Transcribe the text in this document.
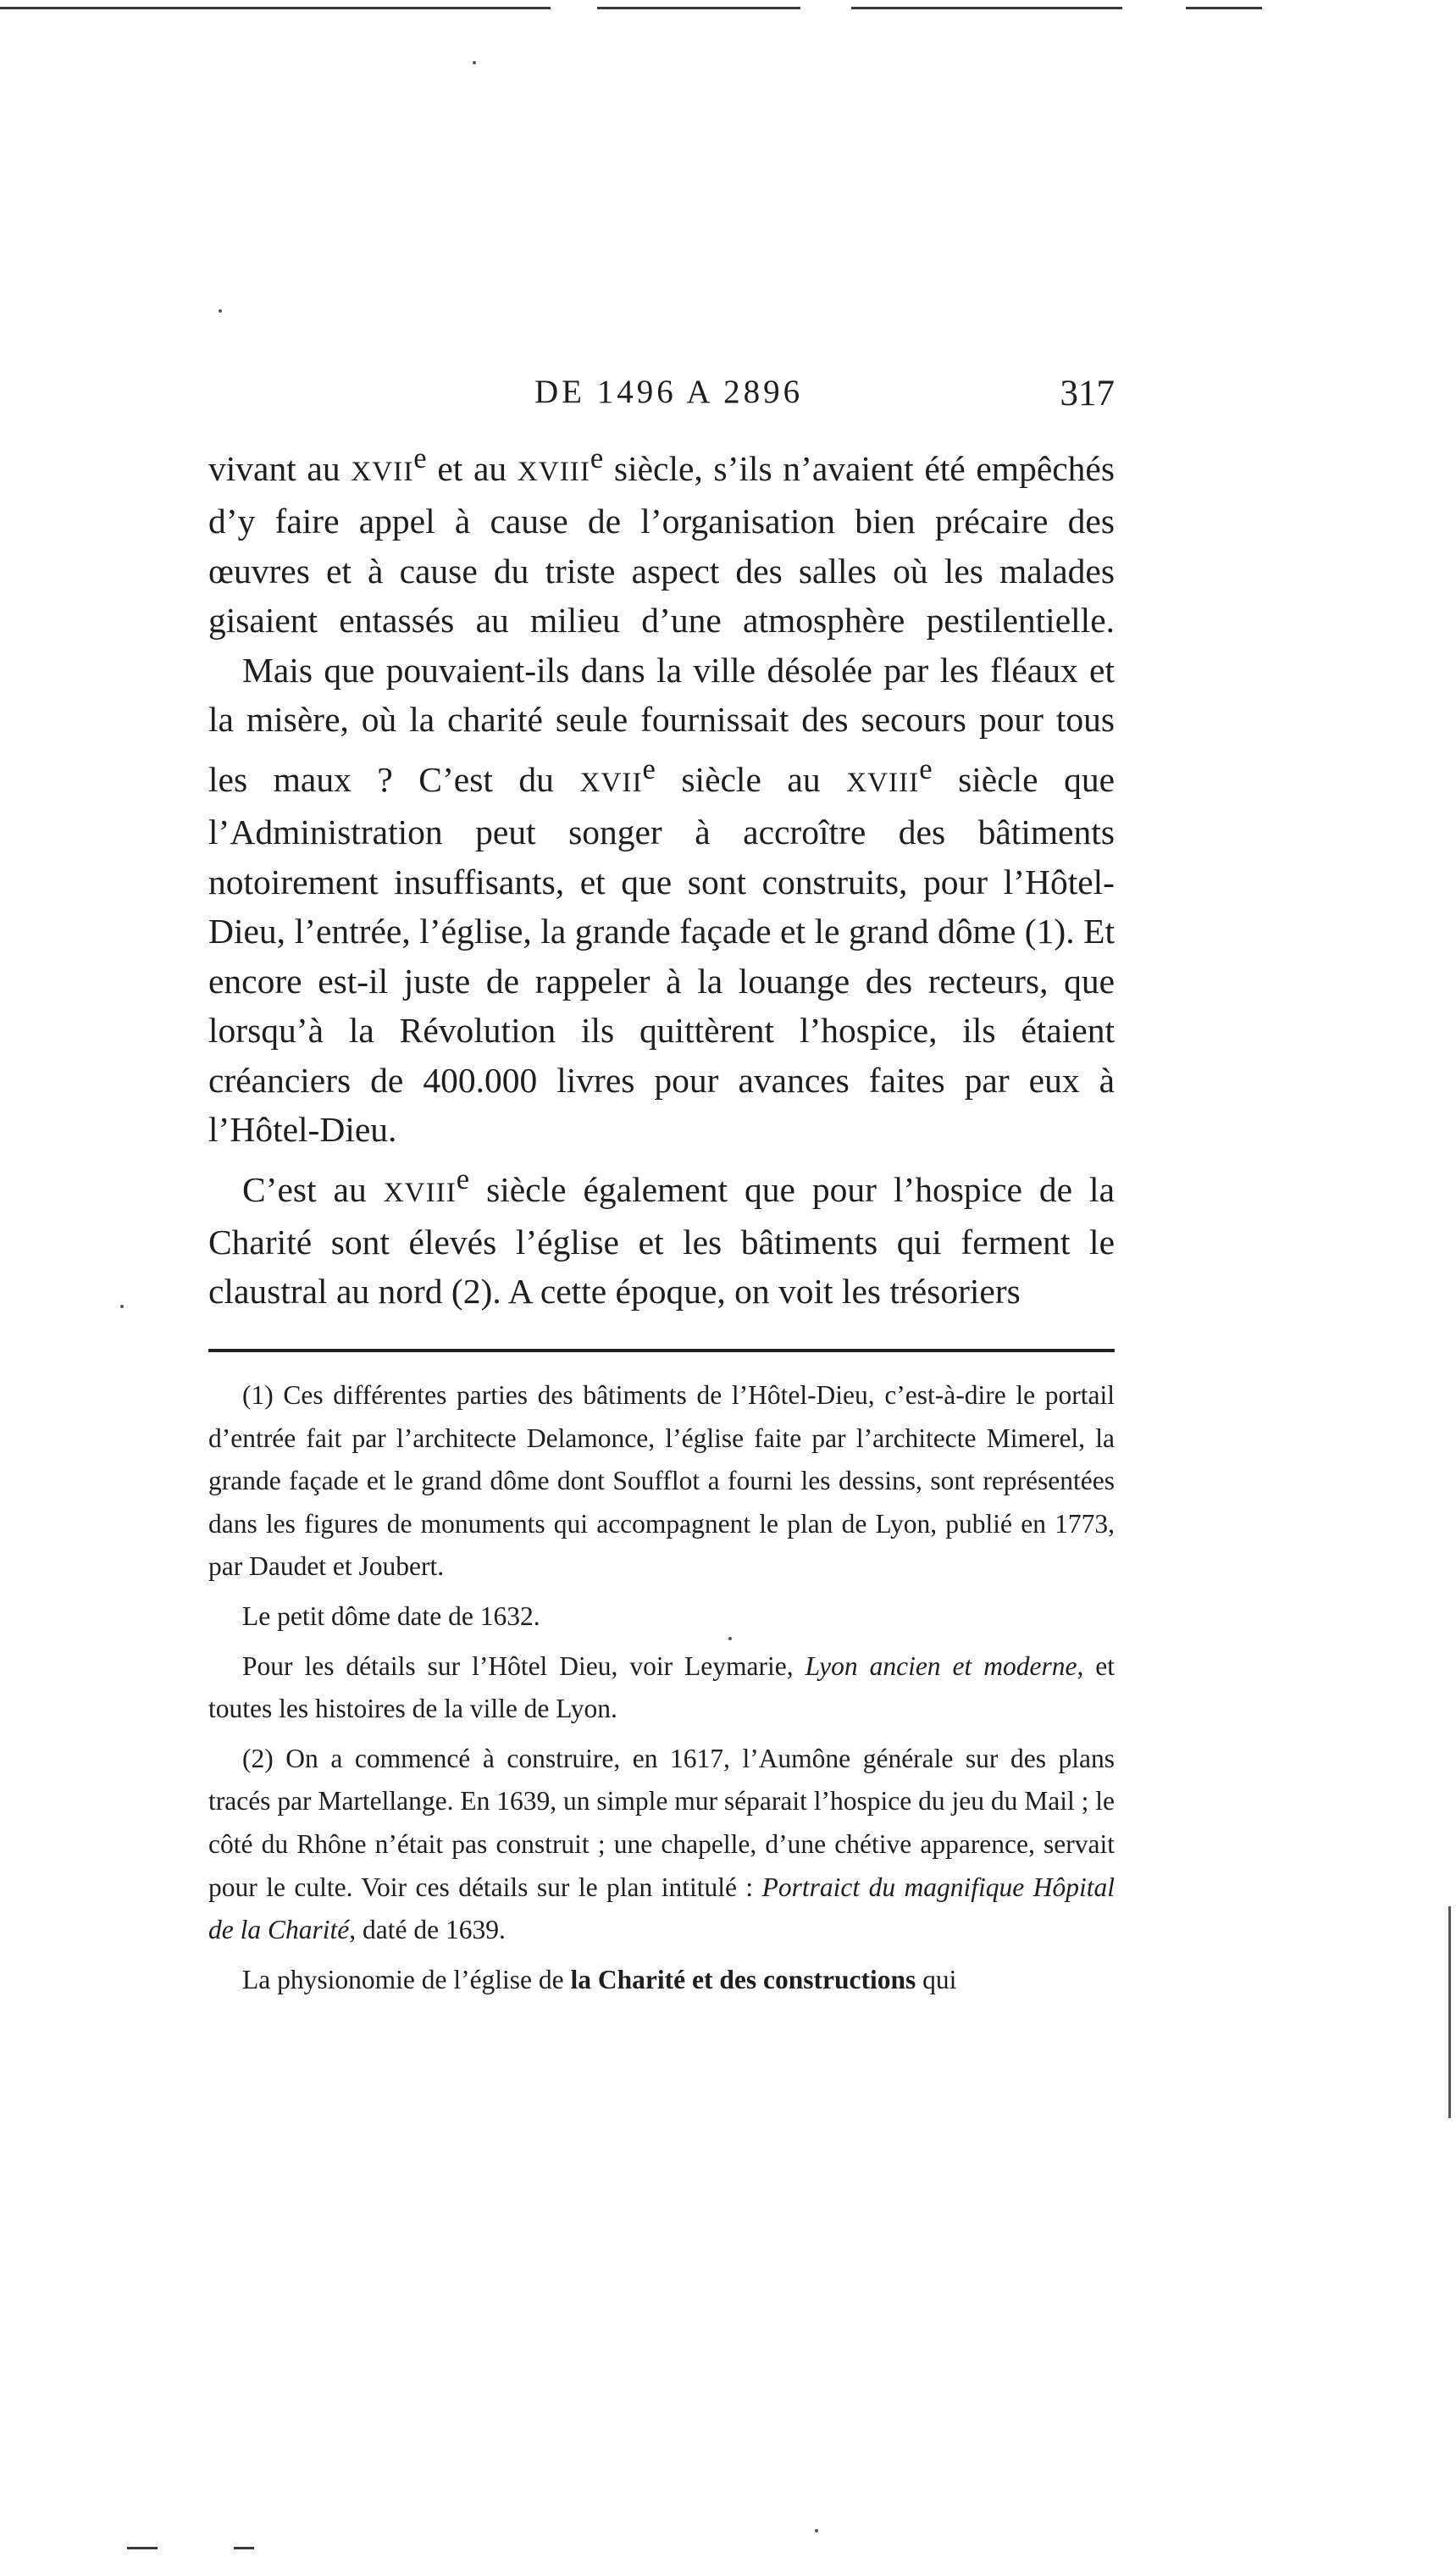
DE 1496 A 2896	317

vivant au XVIIe et au XVIIIe siècle, s’ils n’avaient été empêchés d’y faire appel à cause de l’organisation bien précaire des œuvres et à cause du triste aspect des salles où les malades gisaient entassés au milieu d’une atmosphère pestilentielle.

Mais que pouvaient-ils dans la ville désolée par les fléaux et la misère, où la charité seule fournissait des secours pour tous les maux ? C’est du XVIIe siècle au XVIIIe siècle que l’Administration peut songer à accroître des bâtiments notoirement insuffisants, et que sont construits, pour l’Hôtel-Dieu, l’entrée, l’église, la grande façade et le grand dôme (1). Et encore est-il juste de rappeler à la louange des recteurs, que lorsqu’à la Révolution ils quittèrent l’hospice, ils étaient créanciers de 400.000 livres pour avances faites par eux à l’Hôtel-Dieu.

C’est au XVIIIe siècle également que pour l’hospice de la Charité sont élevés l’église et les bâtiments qui ferment le claustral au nord (2). A cette époque, on voit les trésoriers

(1) Ces différentes parties des bâtiments de l’Hôtel-Dieu, c’est-à-dire le portail d’entrée fait par l’architecte Delamonce, l’église faite par l’architecte Mimerel, la grande façade et le grand dôme dont Soufflot a fourni les dessins, sont représentées dans les figures de monuments qui accompagnent le plan de Lyon, publié en 1773, par Daudet et Joubert.

Le petit dôme date de 1632.

Pour les détails sur l’Hôtel Dieu, voir Leymarie, Lyon ancien et moderne, et toutes les histoires de la ville de Lyon.

(2) On a commencé à construire, en 1617, l’Aumône générale sur des plans tracés par Martellange. En 1639, un simple mur séparait l’hospice du jeu du Mail ; le côté du Rhône n’était pas construit ; une chapelle, d’une chétive apparence, servait pour le culte. Voir ces détails sur le plan intitulé : Portraict du magnifique Hôpital de la Charité, daté de 1639.

La physionomie de l’église de la Charité et des constructions qui
